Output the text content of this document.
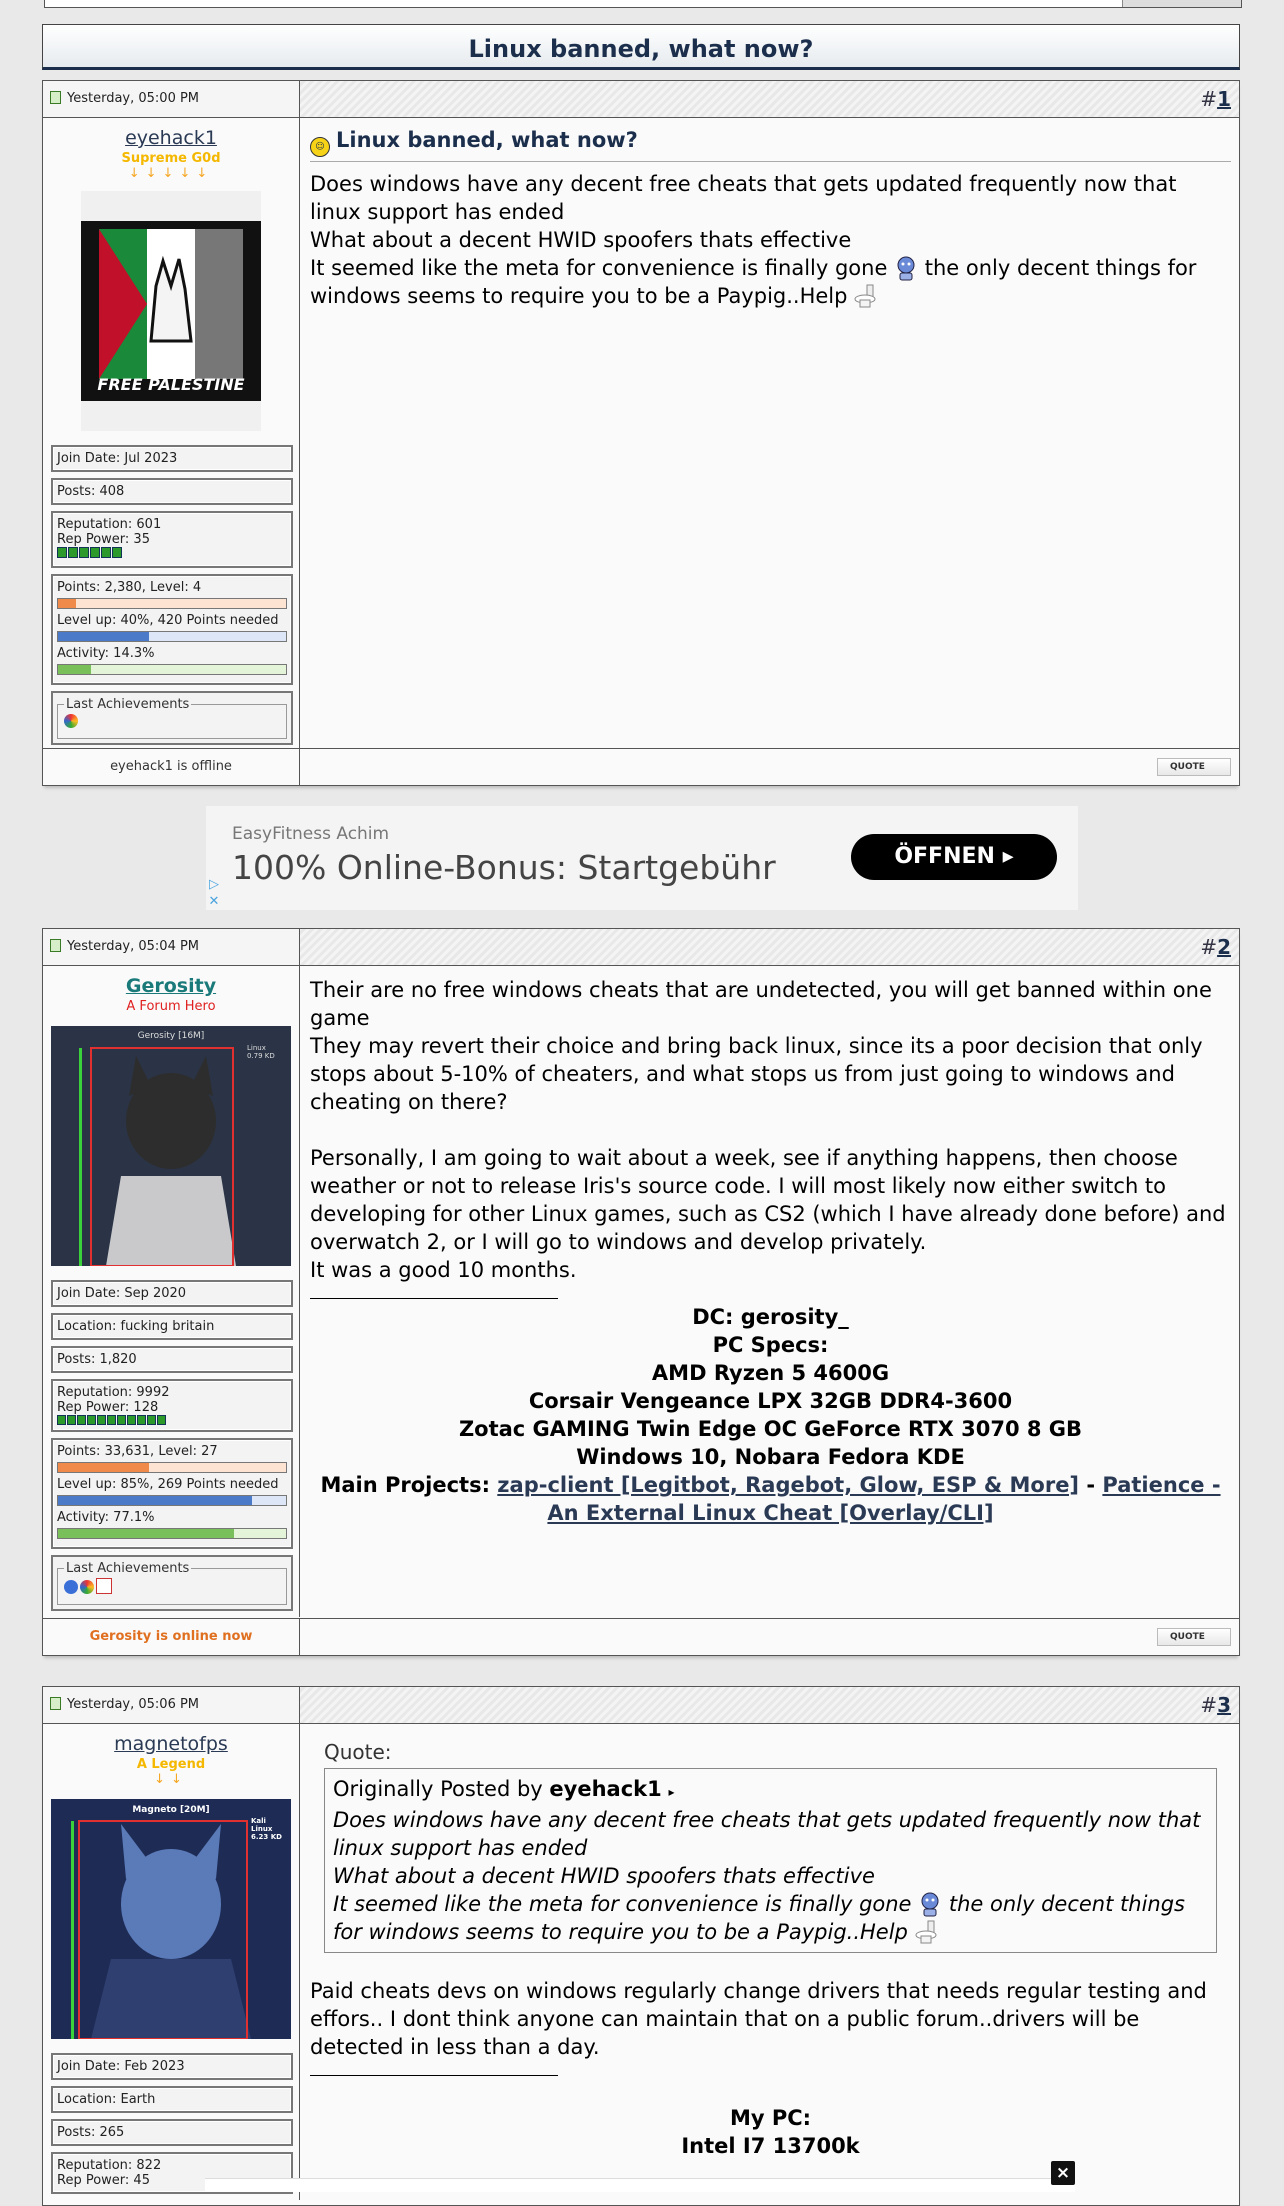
Linux banned, what now?
Yesterday, 05:00 PM	#1
eyehack1
Supreme G0d
↓↓↓↓↓
FREE PALESTINE
Join Date: Jul 2023
Posts: 408
Reputation: 601
Rep Power: 35
Points: 2,380, Level: 4
Level up: 40%, 420 Points needed
Activity: 14.3%
Last Achievements
☺ Linux banned, what now?
Does windows have any decent free cheats that gets updated frequently now that linux support has ended
What about a decent HWID spoofers thats effective
It seemed like the meta for convenience is finally gone the only decent things for windows seems to require you to be a Paypig..Help
eyehack1 is offline	QUOTE
EasyFitness Achim
100% Online-Bonus: Startgebühr	ÖFFNEN ▸
▷
✕
Yesterday, 05:04 PM	#2
Gerosity
A Forum Hero
Gerosity [16M]
Linux 0.79 KD
Join Date: Sep 2020
Location: fucking britain
Posts: 1,820
Reputation: 9992
Rep Power: 128
Points: 33,631, Level: 27
Level up: 85%, 269 Points needed
Activity: 77.1%
Last Achievements
Their are no free windows cheats that are undetected, you will get banned within one game
They may revert their choice and bring back linux, since its a poor decision that only stops about 5-10% of cheaters, and what stops us from just going to windows and cheating on there?
Personally, I am going to wait about a week, see if anything happens, then choose weather or not to release Iris's source code. I will most likely now either switch to developing for other Linux games, such as CS2 (which I have already done before) and overwatch 2, or I will go to windows and develop privately.
It was a good 10 months.
DC: gerosity_
PC Specs:
AMD Ryzen 5 4600G
Corsair Vengeance LPX 32GB DDR4-3600
Zotac GAMING Twin Edge OC GeForce RTX 3070 8 GB
Windows 10, Nobara Fedora KDE
Main Projects: zap-client [Legitbot, Ragebot, Glow, ESP & More] - Patience - An External Linux Cheat [Overlay/CLI]
Gerosity is online now	QUOTE
Yesterday, 05:06 PM	#3
magnetofps
A Legend
↓↓
Magneto [20M]
Kali Linux 6.23 KD
Join Date: Feb 2023
Location: Earth
Posts: 265
Reputation: 822
Rep Power: 45
Quote:
Originally Posted by eyehack1 ▸
Does windows have any decent free cheats that gets updated frequently now that linux support has ended
What about a decent HWID spoofers thats effective
It seemed like the meta for convenience is finally gone the only decent things for windows seems to require you to be a Paypig..Help
Paid cheats devs on windows regularly change drivers that needs regular testing and effors.. I dont think anyone can maintain that on a public forum..drivers will be detected in less than a day.
My PC:
Intel I7 13700k
×
